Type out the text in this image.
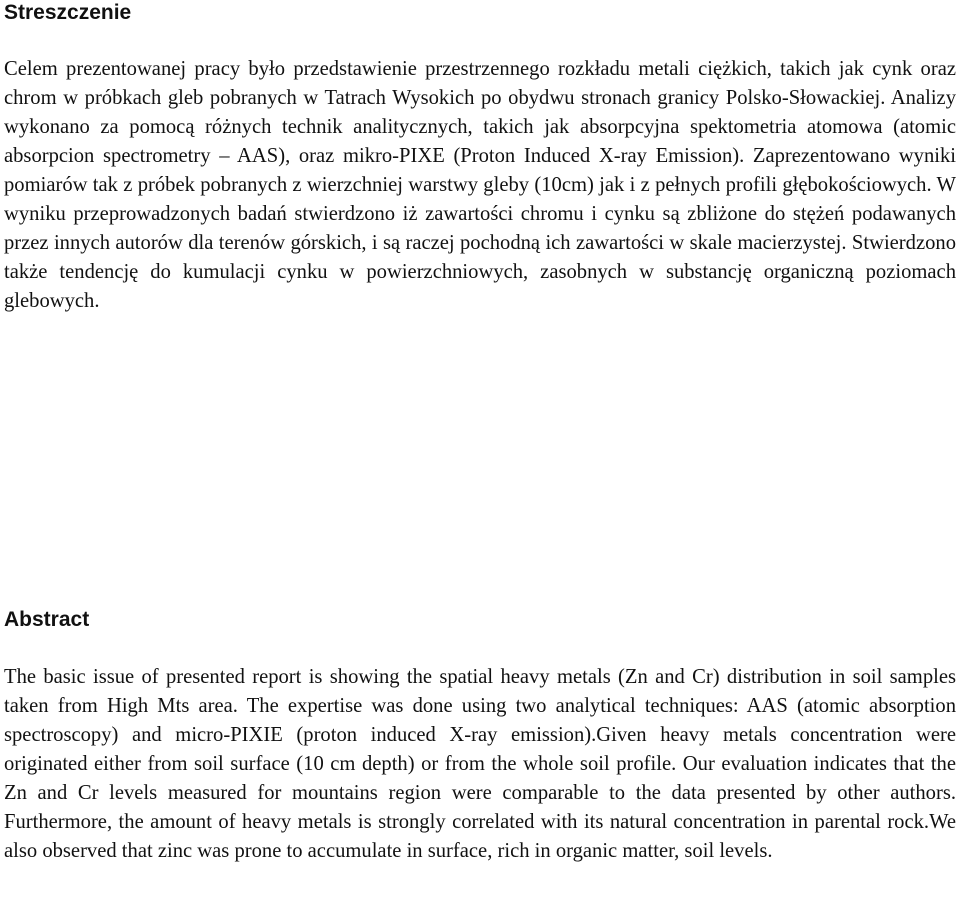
Streszczenie

Celem prezentowanej pracy było przedstawienie przestrzennego rozkładu metali ciężkich, takich jak cynk oraz chrom w próbkach gleb pobranych w Tatrach Wysokich po obydwu stronach granicy Polsko-Słowackiej. Analizy wykonano za pomocą różnych technik analitycznych, takich jak absorpcyjna spektometria atomowa (atomic absorpcion spectrometry – AAS), oraz mikro-PIXE (Proton Induced X-ray Emission). Zaprezentowano wyniki pomiarów tak z próbek pobranych z wierzchniej warstwy gleby (10cm) jak i z pełnych profili głębokościowych. W wyniku przeprowadzonych badań stwierdzono iż zawartości chromu i cynku są zbliżone do stężeń podawanych przez innych autorów dla terenów górskich, i są raczej pochodną ich zawartości w skale macierzystej. Stwierdzono także tendencję do kumulacji cynku w powierzchniowych, zasobnych w substancję organiczną poziomach glebowych.

Abstract

The basic issue of presented report is showing the spatial heavy metals (Zn and Cr) distribution in soil samples taken from High Mts area. The expertise was done using two analytical techniques: AAS (atomic absorption spectroscopy) and micro-PIXIE (proton induced X-ray emission).Given heavy metals concentration were originated either from soil surface (10 cm depth) or from the whole soil profile. Our evaluation indicates that the Zn and Cr levels measured for mountains region were comparable to the data presented by other authors. Furthermore, the amount of heavy metals is strongly correlated with its natural concentration in parental rock.We also observed that zinc was prone to accumulate in surface, rich in organic matter, soil levels.
